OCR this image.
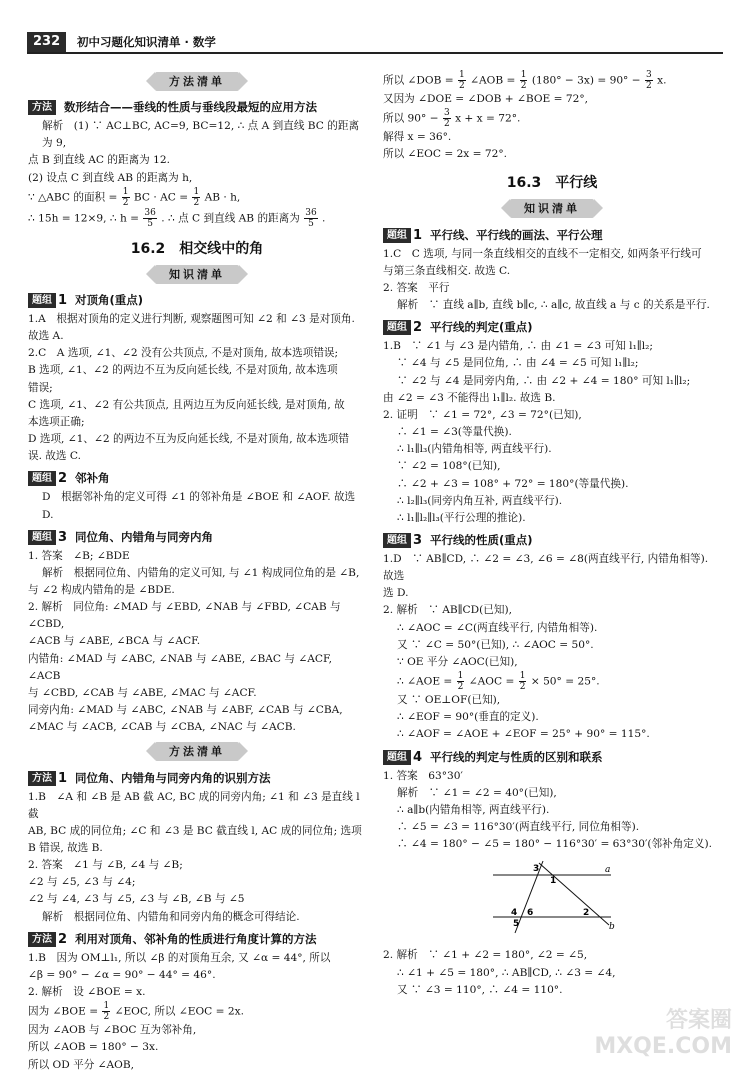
232	初中习题化知识清单 · 数学
方法清单
方法	数形结合——垂线的性质与垂线段最短的应用方法

解析　(1) ∵ AC⊥BC, AC=9, BC=12, ∴ 点 A 到直线 BC 的距离为 9,

点 B 到直线 AC 的距离为 12.

(2) 设点 C 到直线 AB 的距离为 h,

∵ △ABC 的面积 = $\frac{1}{2}$ BC · AC = $\frac{1}{2}$ AB · h,

∴ 15h = 12×9, ∴ $h = \frac{36}{5}$ . ∴ 点 C 到直线 AB 的距离为 $\frac{36}{5}$ .

16.2　相交线中的角
知识清单
题组 1 对顶角(重点)

1.A　根据对顶角的定义进行判断, 观察题图可知 ∠2 和 ∠3 是对顶角.

故选 A.

2.C　A 选项, ∠1、∠2 没有公共顶点, 不是对顶角, 故本选项错误;

B 选项, ∠1、∠2 的两边不互为反向延长线, 不是对顶角, 故本选项

错误;

C 选项, ∠1、∠2 有公共顶点, 且两边互为反向延长线, 是对顶角, 故

本选项正确;

D 选项, ∠1、∠2 的两边不互为反向延长线, 不是对顶角, 故本选项错

误. 故选 C.

题组 2 邻补角

D　根据邻补角的定义可得 ∠1 的邻补角是 ∠BOE 和 ∠AOF. 故选 D.

题组 3 同位角、内错角与同旁内角

1. 答案　∠B; ∠BDE

解析　根据同位角、内错角的定义可知, 与 ∠1 构成同位角的是 ∠B,

与 ∠2 构成内错角的是 ∠BDE.

2. 解析　同位角: ∠MAD 与 ∠EBD, ∠NAB 与 ∠FBD, ∠CAB 与 ∠CBD,

∠ACB 与 ∠ABE, ∠BCA 与 ∠ACF.

内错角: ∠MAD 与 ∠ABC, ∠NAB 与 ∠ABE, ∠BAC 与 ∠ACF, ∠ACB

与 ∠CBD, ∠CAB 与 ∠ABE, ∠MAC 与 ∠ACF.

同旁内角: ∠MAD 与 ∠ABC, ∠NAB 与 ∠ABF, ∠CAB 与 ∠CBA,

∠MAC 与 ∠ACB, ∠CAB 与 ∠CBA, ∠NAC 与 ∠ACB.

方法清单
方法 1 同位角、内错角与同旁内角的识别方法

1.B　∠A 和 ∠B 是 AB 截 AC, BC 成的同旁内角; ∠1 和 ∠3 是直线 l 截

AB, BC 成的同位角; ∠C 和 ∠3 是 BC 截直线 l, AC 成的同位角; 选项

B 错误, 故选 B.

2. 答案　∠1 与 ∠B, ∠4 与 ∠B;

∠2 与 ∠5, ∠3 与 ∠4;

∠2 与 ∠4, ∠3 与 ∠5, ∠3 与 ∠B, ∠B 与 ∠5

解析　根据同位角、内错角和同旁内角的概念可得结论.

方法 2 利用对顶角、邻补角的性质进行角度计算的方法

1.B　因为 OM⊥l₁, 所以 ∠β 的对顶角互余, 又 ∠α = 44°, 所以

∠β = 90° − ∠α = 90° − 44° = 46°.

2. 解析　设 ∠BOE = x.

因为 ∠BOE = $\frac{1}{2}$ ∠EOC, 所以 ∠EOC = 2x.

因为 ∠AOB 与 ∠BOC 互为邻补角,

所以 ∠AOB = 180° − 3x.

所以 OD 平分 ∠AOB,

所以 ∠DOB = $\frac{1}{2}$ ∠AOB = $\frac{1}{2} (180^\circ - 3x) = 90^\circ - \frac{3}{2} x$.

又因为 ∠DOE = ∠DOB + ∠BOE = 72°,

所以 $90^\circ - \frac{3}{2}$ x + x = 72°.

解得 x = 36°.

所以 ∠EOC = 2x = 72°.

16.3　平行线
知识清单
题组 1 平行线、平行线的画法、平行公理

1.C　C 选项, 与同一条直线相交的直线不一定相交, 如两条平行线可

与第三条直线相交. 故选 C.

2. 答案　平行

解析　∵ 直线 a∥b, 直线 b∥c, ∴ a∥c, 故直线 a 与 c 的关系是平行.

题组 2 平行线的判定(重点)

1.B　∵ ∠1 与 ∠3 是内错角, ∴ 由 ∠1 = ∠3 可知 l₁∥l₂;

∵ ∠4 与 ∠5 是同位角, ∴ 由 ∠4 = ∠5 可知 l₁∥l₂;

∵ ∠2 与 ∠4 是同旁内角, ∴ 由 ∠2 + ∠4 = 180° 可知 l₁∥l₂;

由 ∠2 = ∠3 不能得出 l₁∥l₂. 故选 B.

2. 证明　∵ ∠1 = 72°, ∠3 = 72°(已知),

∴ ∠1 = ∠3(等量代换).

∴ l₁∥l₃(内错角相等, 两直线平行).

∵ ∠2 = 108°(已知),

∴ ∠2 + ∠3 = 108° + 72° = 180°(等量代换).

∴ l₂∥l₃(同旁内角互补, 两直线平行).

∴ l₁∥l₂∥l₃(平行公理的推论).

题组 3 平行线的性质(重点)

1.D　∵ AB∥CD, ∴ ∠2 = ∠3, ∠6 = ∠8(两直线平行, 内错角相等). 故选

选 D.

2. 解析　∵ AB∥CD(已知),

∴ ∠AOC = ∠C(两直线平行, 内错角相等).

又 ∵ ∠C = 50°(已知), ∴ ∠AOC = 50°.

∵ OE 平分 ∠AOC(已知),

∴ ∠AOE = $\frac{1}{2}$ ∠AOC = $\frac{1}{2} \times 50^\circ = 25^\circ$.

又 ∵ OE⊥OF(已知),

∴ ∠EOF = 90°(垂直的定义).

∴ ∠AOF = ∠AOE + ∠EOF = 25° + 90° = 115°.

题组 4 平行线的判定与性质的区别和联系

1. 答案　63°30′

解析　∵ ∠1 = ∠2 = 40°(已知),

∴ a∥b(内错角相等, 两直线平行).

∴ ∠5 = ∠3 = 116°30′(两直线平行, 同位角相等).

∴ ∠4 = 180° − ∠5 = 180° − 116°30′ = 63°30′(邻补角定义).

3
1
a
4
5
6	2
b

2. 解析　∵ ∠1 + ∠2 = 180°, ∠2 = ∠5,

∴ ∠1 + ∠5 = 180°, ∴ AB∥CD, ∴ ∠3 = ∠4,

又 ∵ ∠3 = 110°, ∴ ∠4 = 110°.

答案圈
MXQE.COM
